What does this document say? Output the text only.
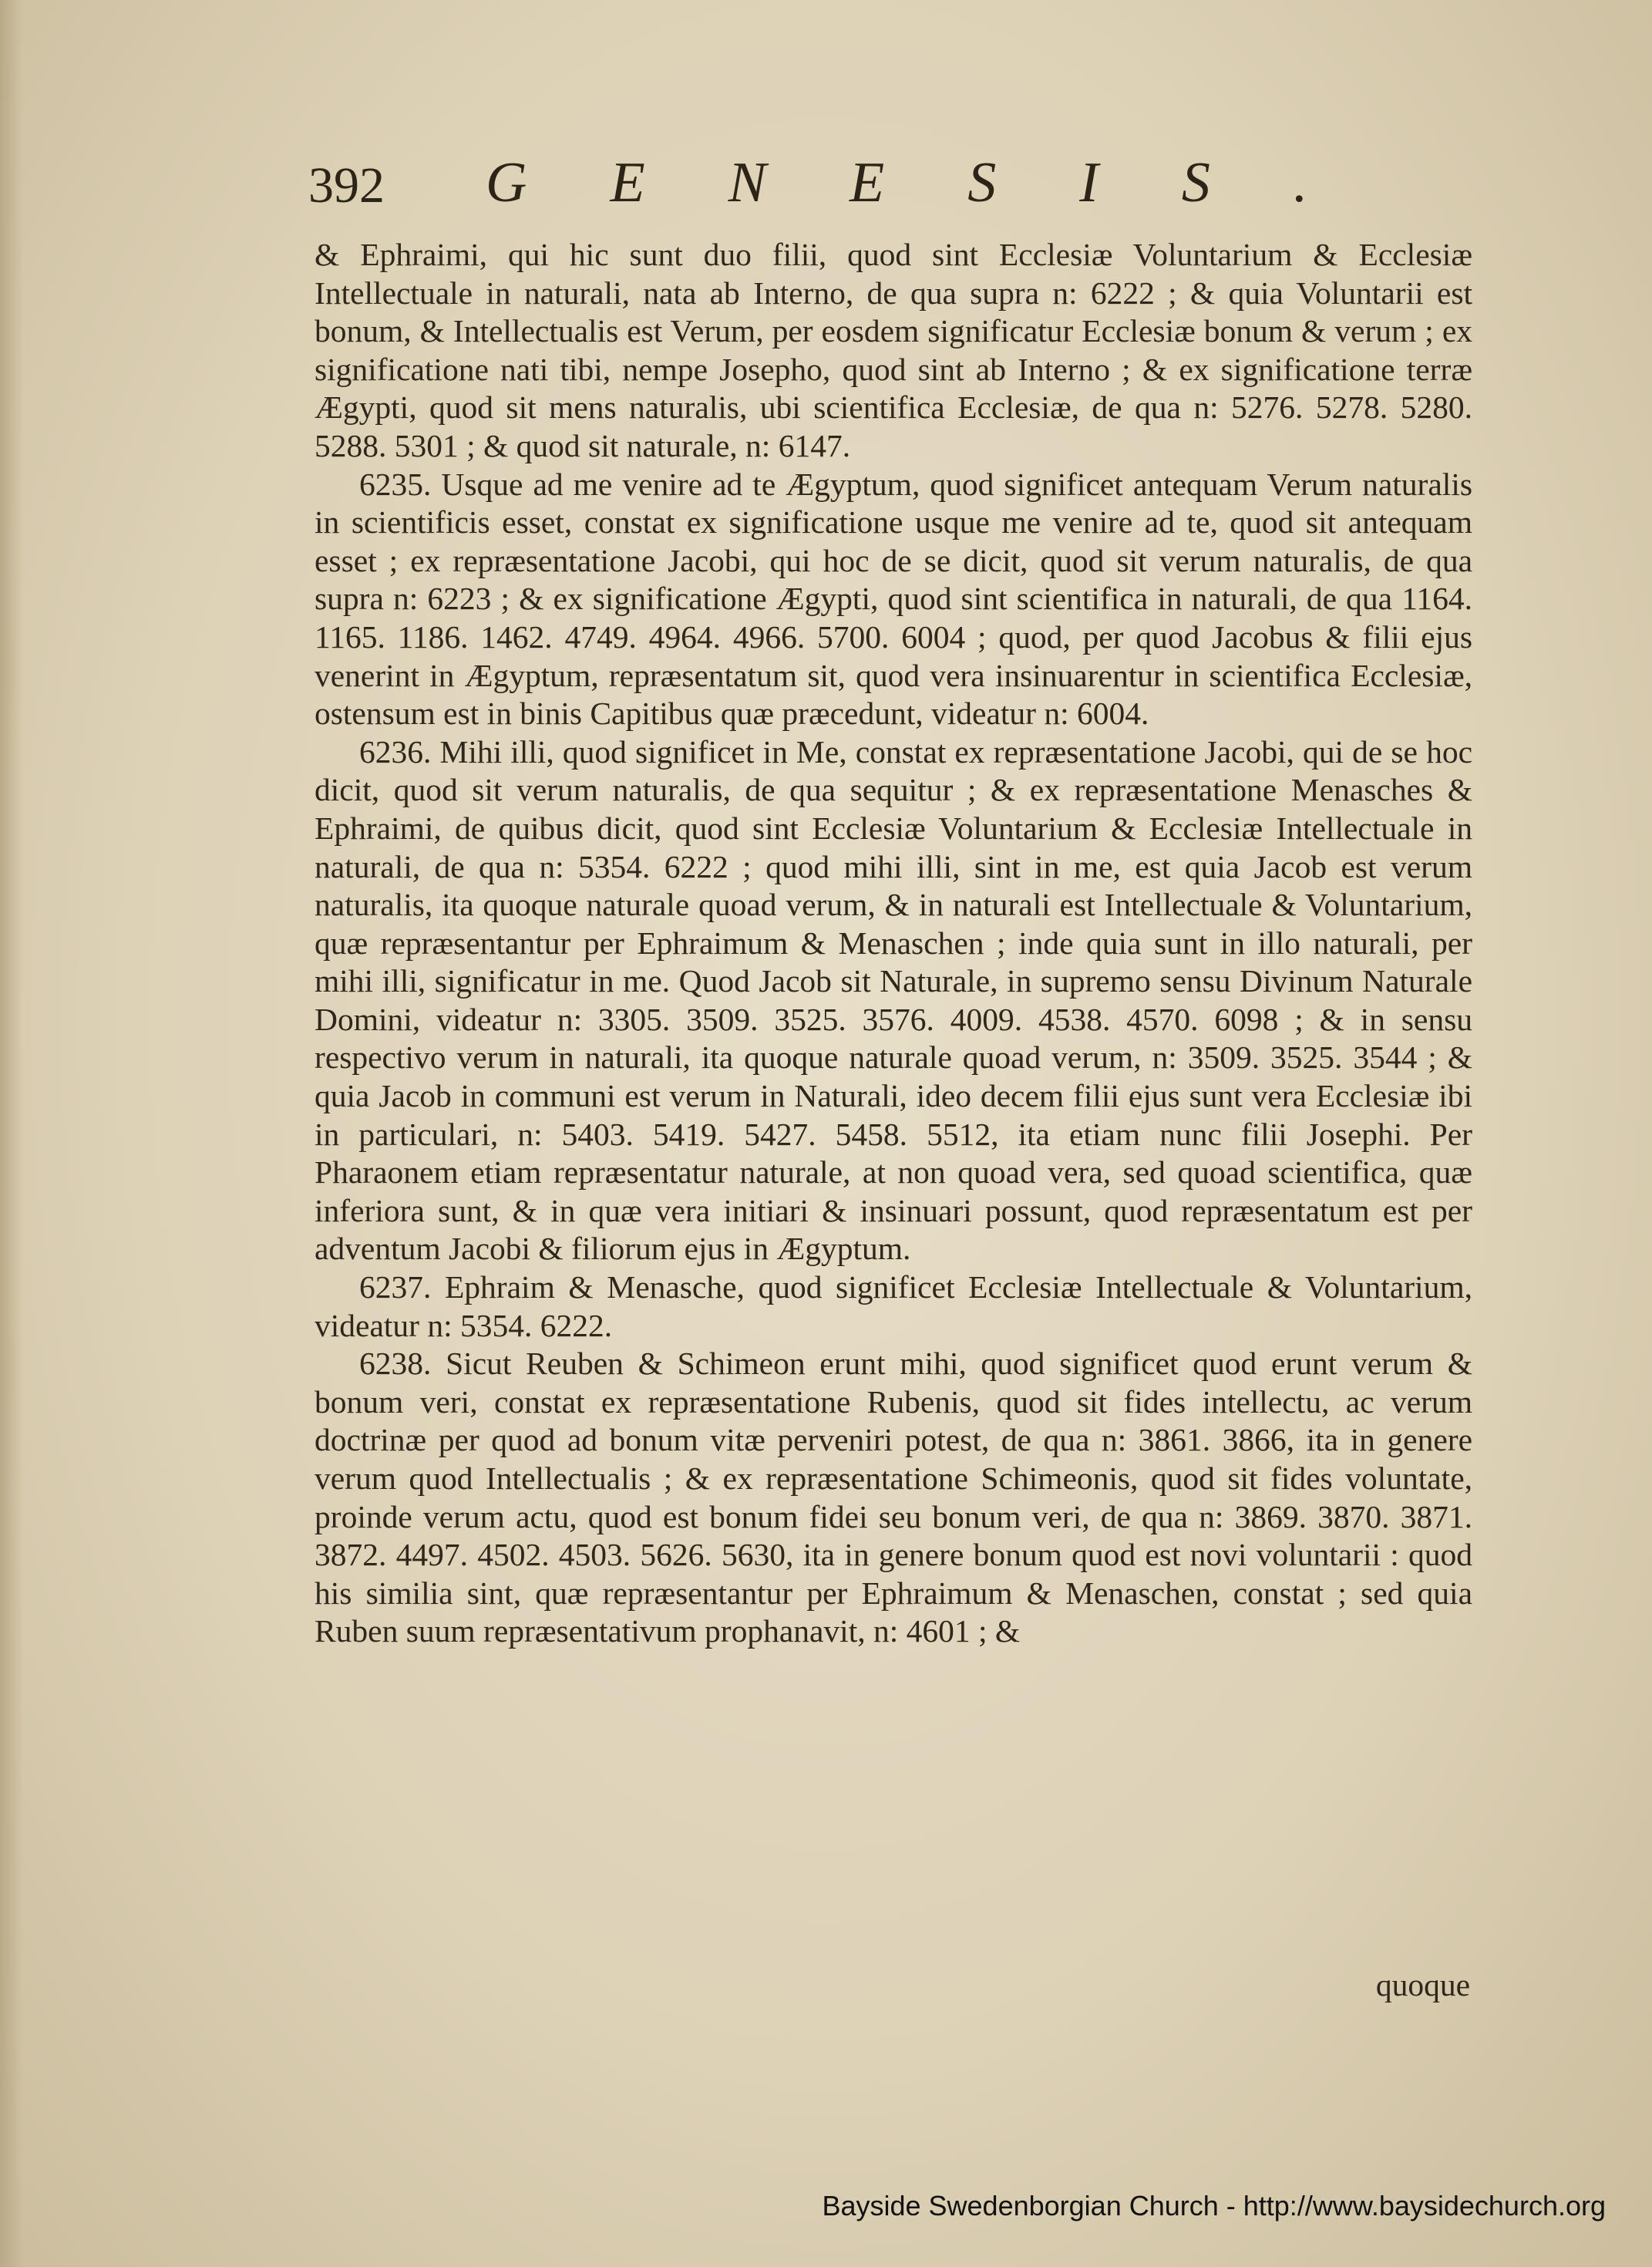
392 GENESIS.

& Ephraimi, qui hic sunt duo filii, quod sint Ecclesiæ Voluntarium & Ecclesiæ Intellectuale in naturali, nata ab Interno, de qua supra n: 6222 ; & quia Voluntarii est bonum, & Intellectualis est Verum, per eosdem significatur Ecclesiæ bonum & verum ; ex significatione nati tibi, nempe Josepho, quod sint ab Interno ; & ex significatione terræ Ægypti, quod sit mens naturalis, ubi scientifica Ecclesiæ, de qua n: 5276. 5278. 5280. 5288. 5301 ; & quod sit naturale, n: 6147.

6235. Usque ad me venire ad te Ægyptum, quod significet antequam Verum naturalis in scientificis esset, constat ex significatione usque me venire ad te, quod sit antequam esset ; ex repræsentatione Jacobi, qui hoc de se dicit, quod sit verum naturalis, de qua supra n: 6223 ; & ex significatione Ægypti, quod sint scientifica in naturali, de qua 1164. 1165. 1186. 1462. 4749. 4964. 4966. 5700. 6004 ; quod, per quod Jacobus & filii ejus venerint in Ægyptum, repræsentatum sit, quod vera insinuarentur in scientifica Ecclesiæ, ostensum est in binis Capitibus quæ præcedunt, videatur n: 6004.

6236. Mihi illi, quod significet in Me, constat ex repræsentatione Jacobi, qui de se hoc dicit, quod sit verum naturalis, de qua sequitur ; & ex repræsentatione Menasches & Ephraimi, de quibus dicit, quod sint Ecclesiæ Voluntarium & Ecclesiæ Intellectuale in naturali, de qua n: 5354. 6222 ; quod mihi illi, sint in me, est quia Jacob est verum naturalis, ita quoque naturale quoad verum, & in naturali est Intellectuale & Voluntarium, quæ repræsentantur per Ephraimum & Menaschen ; inde quia sunt in illo naturali, per mihi illi, significatur in me. Quod Jacob sit Naturale, in supremo sensu Divinum Naturale Domini, videatur n: 3305. 3509. 3525. 3576. 4009. 4538. 4570. 6098 ; & in sensu respectivo verum in naturali, ita quoque naturale quoad verum, n: 3509. 3525. 3544 ; & quia Jacob in communi est verum in Naturali, ideo decem filii ejus sunt vera Ecclesiæ ibi in particulari, n: 5403. 5419. 5427. 5458. 5512, ita etiam nunc filii Josephi. Per Pharaonem etiam repræsentatur naturale, at non quoad vera, sed quoad scientifica, quæ inferiora sunt, & in quæ vera initiari & insinuari possunt, quod repræsentatum est per adventum Jacobi & filiorum ejus in Ægyptum.

6237. Ephraim & Menasche, quod significet Ecclesiæ Intellectuale & Voluntarium, videatur n: 5354. 6222.

6238. Sicut Reuben & Schimeon erunt mihi, quod significet quod erunt verum & bonum veri, constat ex repræsentatione Rubenis, quod sit fides intellectu, ac verum doctrinæ per quod ad bonum vitæ perveniri potest, de qua n: 3861. 3866, ita in genere verum quod Intellectualis ; & ex repræsentatione Schimeonis, quod sit fides voluntate, proinde verum actu, quod est bonum fidei seu bonum veri, de qua n: 3869. 3870. 3871. 3872. 4497. 4502. 4503. 5626. 5630, ita in genere bonum quod est novi voluntarii : quod his similia sint, quæ repræsentantur per Ephraimum & Menaschen, constat ; sed quia Ruben suum repræsentativum prophanavit, n: 4601 ; &

quoque
Bayside Swedenborgian Church - http://www.baysidechurch.org
